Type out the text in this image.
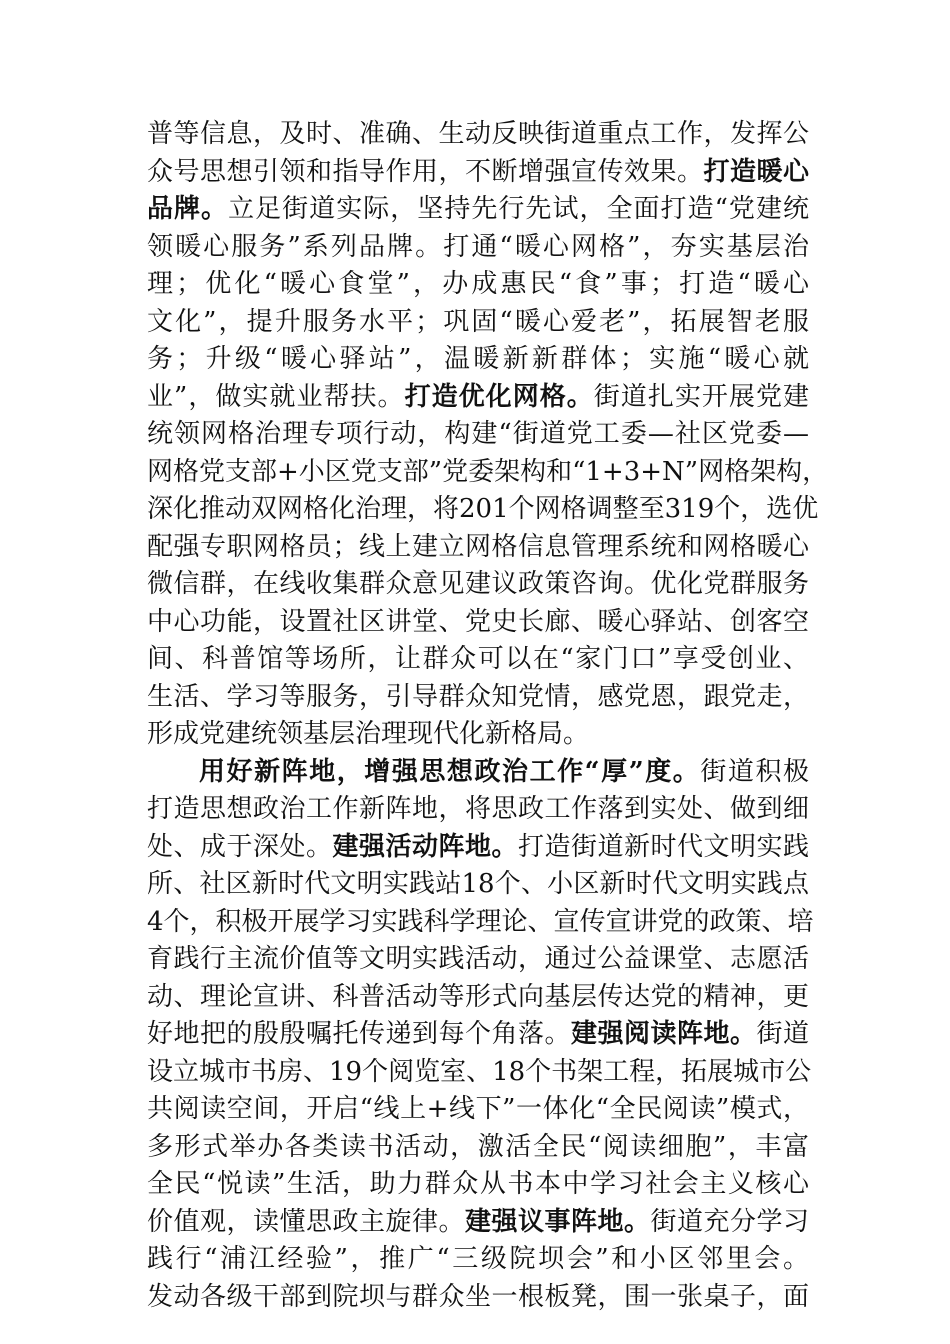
普等信息，及时、准确、生动反映街道重点工作，发挥公
众号思想引领和指导作用，不断增强宣传效果。打造暖心
品牌。立足街道实际，坚持先行先试，全面打造“党建统
领暖心服务”系列品牌。打通“暖心网格”，夯实基层治
理；优化“暖心食堂”，办成惠民“食”事；打造“暖心
文化”，提升服务水平；巩固“暖心爱老”，拓展智老服
务；升级“暖心驿站”，温暖新新群体；实施“暖心就
业”，做实就业帮扶。打造优化网格。街道扎实开展党建
统领网格治理专项行动，构建“街道党工委—社区党委—
网格党支部+小区党支部”党委架构和“1+3+N”网格架构，
深化推动双网格化治理，将201个网格调整至319个，选优
配强专职网格员；线上建立网格信息管理系统和网格暖心
微信群，在线收集群众意见建议政策咨询。优化党群服务
中心功能，设置社区讲堂、党史长廊、暖心驿站、创客空
间、科普馆等场所，让群众可以在“家门口”享受创业、
生活、学习等服务，引导群众知党情，感党恩，跟党走，
形成党建统领基层治理现代化新格局。
用好新阵地，增强思想政治工作“厚”度。街道积极
打造思想政治工作新阵地，将思政工作落到实处、做到细
处、成于深处。建强活动阵地。打造街道新时代文明实践
所、社区新时代文明实践站18个、小区新时代文明实践点
4个，积极开展学习实践科学理论、宣传宣讲党的政策、培
育践行主流价值等文明实践活动，通过公益课堂、志愿活
动、理论宣讲、科普活动等形式向基层传达党的精神，更
好地把的殷殷嘱托传递到每个角落。建强阅读阵地。街道
设立城市书房、19个阅览室、18个书架工程，拓展城市公
共阅读空间，开启“线上+线下”一体化“全民阅读”模式，
多形式举办各类读书活动，激活全民“阅读细胞”，丰富
全民“悦读”生活，助力群众从书本中学习社会主义核心
价值观，读懂思政主旋律。建强议事阵地。街道充分学习
践行“浦江经验”，推广“三级院坝会”和小区邻里会。
发动各级干部到院坝与群众坐一根板凳，围一张桌子，面
